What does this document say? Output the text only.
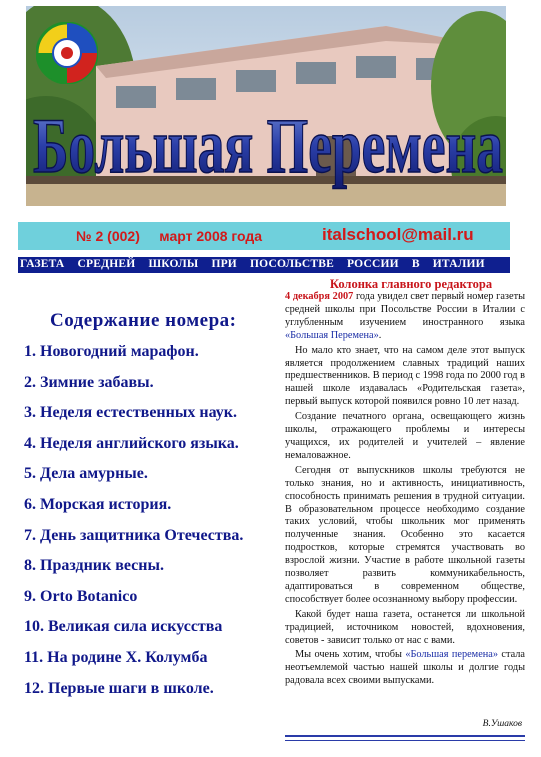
Большая Перемена
№ 2 (002)     март 2008 года	italschool@mail.ru
ГАЗЕТА СРЕДНЕЙ ШКОЛЫ ПРИ ПОСОЛЬСТВЕ РОССИИ В ИТАЛИИ
Содержание номера:
1. Новогодний марафон.
2. Зимние забавы.
3. Неделя естественных наук.
4. Неделя английского языка.
5. Дела амурные.
6. Морская история.
7. День защитника Отечества.
8. Праздник весны.
9. Orto Botanico
10. Великая сила искусства
11. На родине Х. Колумба
12. Первые шаги в школе.
Колонка главного редактора

4 декабря 2007 года увидел свет первый номер газеты средней школы при Посольстве России в Италии с углубленным изучением иностранного языка «Большая Перемена».

Но мало кто знает, что на самом деле этот выпуск является продолжением славных традиций наших предшественников. В период с 1998 года по 2000 год в нашей школе издавалась «Родительская газета», первый выпуск которой появился ровно 10 лет назад.

Создание печатного органа, освещающего жизнь школы, отражающего проблемы и интересы учащихся, их родителей и учителей – явление немаловажное.

Сегодня от выпускников школы требуются не только знания, но и активность, инициативность, способность принимать решения в трудной ситуации. В образовательном процессе необходимо создание таких условий, чтобы школьник мог применять полученные знания. Особенно это касается подростков, которые стремятся участвовать во взрослой жизни. Участие в работе школьной газеты позволяет развить коммуникабельность, адаптироваться в современном обществе, способствует более осознанному выбору профессии.

Какой будет наша газета, останется ли школьной традицией, источником новостей, вдохновения, советов - зависит только от нас с вами.

Мы очень хотим, чтобы «Большая перемена» стала неотъемлемой частью нашей школы и долгие годы радовала всех своими выпусками.

В.Ушаков
